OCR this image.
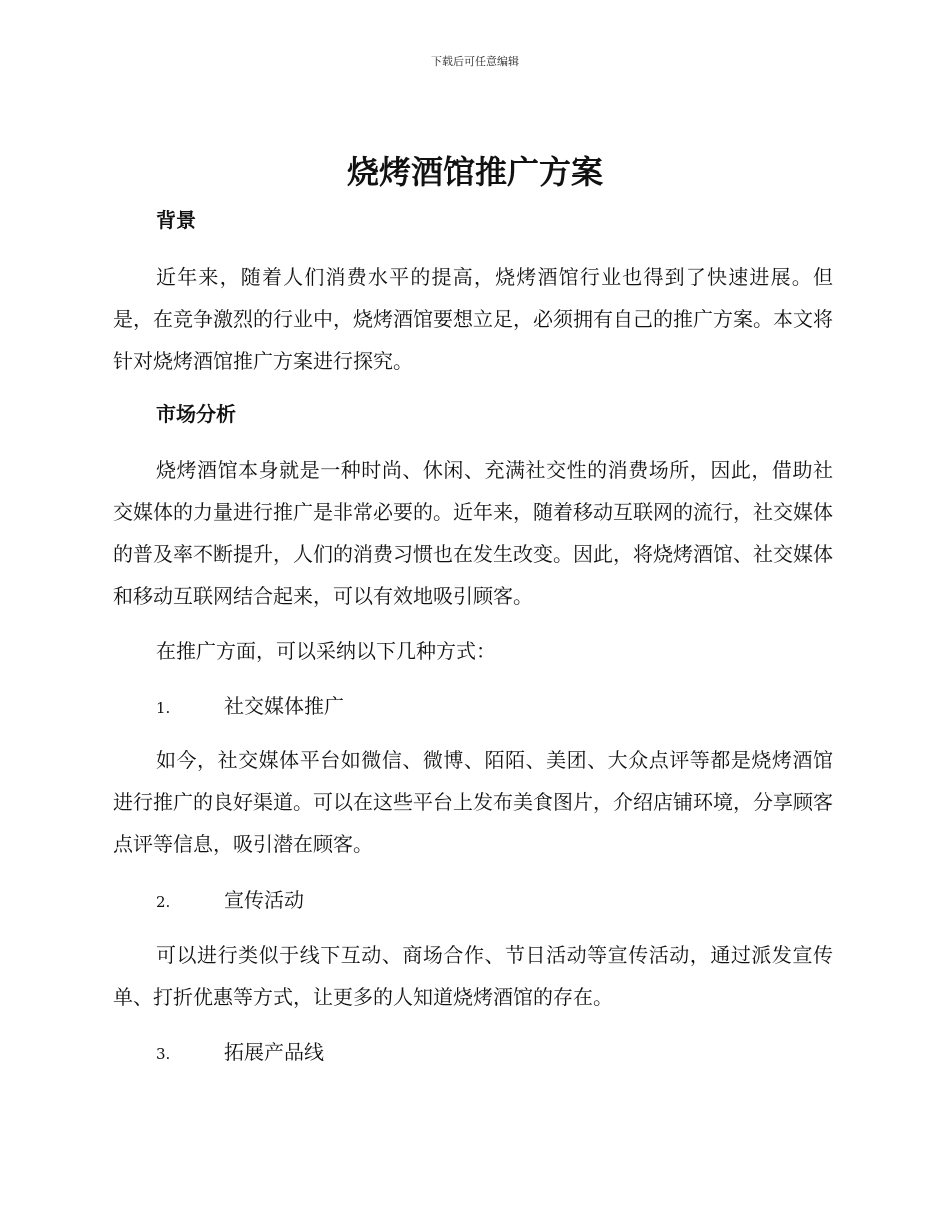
下载后可任意编辑
烧烤酒馆推广方案
背景

近年来，随着人们消费水平的提高，烧烤酒馆行业也得到了快速进展。但是，在竞争激烈的行业中，烧烤酒馆要想立足，必须拥有自己的推广方案。本文将针对烧烤酒馆推广方案进行探究。

市场分析

烧烤酒馆本身就是一种时尚、休闲、充满社交性的消费场所，因此，借助社交媒体的力量进行推广是非常必要的。近年来，随着移动互联网的流行，社交媒体的普及率不断提升，人们的消费习惯也在发生改变。因此，将烧烤酒馆、社交媒体和移动互联网结合起来，可以有效地吸引顾客。

在推广方面，可以采纳以下几种方式：

1.	社交媒体推广

如今，社交媒体平台如微信、微博、陌陌、美团、大众点评等都是烧烤酒馆进行推广的良好渠道。可以在这些平台上发布美食图片，介绍店铺环境，分享顾客点评等信息，吸引潜在顾客。

2.	宣传活动

可以进行类似于线下互动、商场合作、节日活动等宣传活动，通过派发宣传单、打折优惠等方式，让更多的人知道烧烤酒馆的存在。

3.	拓展产品线
